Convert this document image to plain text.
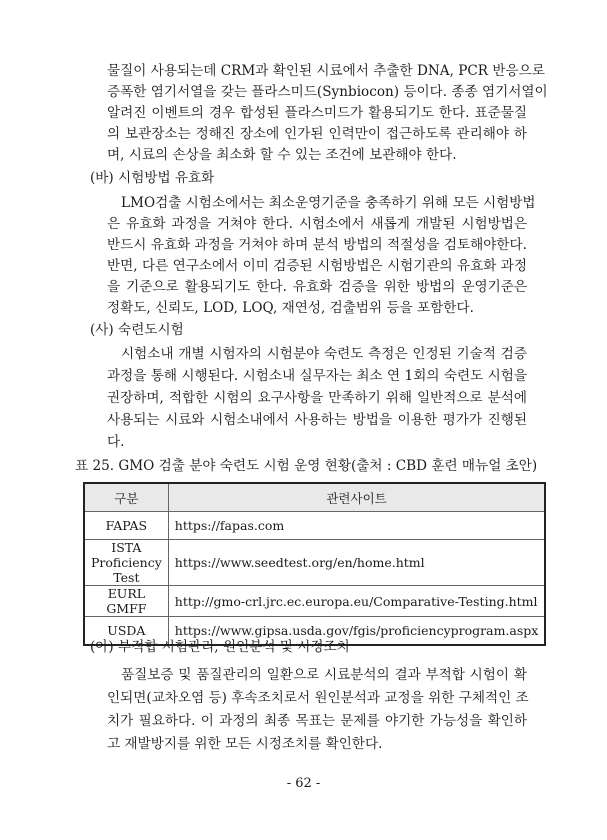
물질이 사용되는데 CRM과 확인된 시료에서 추출한 DNA, PCR 반응으로
증폭한 염기서열을 갖는 플라스미드(Synbiocon) 등이다. 종종 염기서열이
알려진 이벤트의 경우 합성된 플라스미드가 활용되기도 한다. 표준물질
의 보관장소는 정해진 장소에 인가된 인력만이 접근하도록 관리해야 하
며, 시료의 손상을 최소화 할 수 있는 조건에 보관해야 한다.
(바) 시험방법 유효화
LMO검출 시험소에서는 최소운영기준을 충족하기 위해 모든 시험방법
은 유효화 과정을 거쳐야 한다. 시험소에서 새롭게 개발된 시험방법은
반드시 유효화 과정을 거쳐야 하며 분석 방법의 적절성을 검토해야한다.
반면, 다른 연구소에서 이미 검증된 시험방법은 시험기관의 유효화 과정
을 기준으로 활용되기도 한다. 유효화 검증을 위한 방법의 운영기준은
정확도, 신뢰도, LOD, LOQ, 재연성, 검출범위 등을 포함한다.
(사) 숙련도시험
시험소내 개별 시험자의 시험분야 숙련도 측정은 인정된 기술적 검증
과정을 통해 시행된다. 시험소내 실무자는 최소 연 1회의 숙련도 시험을
권장하며, 적합한 시험의 요구사항을 만족하기 위해 일반적으로 분석에
사용되는 시료와 시험소내에서 사용하는 방법을 이용한 평가가 진행된
다.
표 25. GMO 검출 분야 숙련도 시험 운영 현황(출처 : CBD 훈련 매뉴얼 초안)
구분	관련사이트
FAPAS	https://fapas.com
ISTA Proficiency Test	https://www.seedtest.org/en/home.html
EURL GMFF	http://gmo-crl.jrc.ec.europa.eu/Comparative-Testing.html
USDA	https://www.gipsa.usda.gov/fgis/proficiencyprogram.aspx
(아) 부적합 시험관리, 원인분석 및 시정조치
품질보증 및 품질관리의 일환으로 시료분석의 결과 부적합 시험이 확
인되면(교차오염 등) 후속조치로서 원인분석과 교정을 위한 구체적인 조
치가 필요하다. 이 과정의 최종 목표는 문제를 야기한 가능성을 확인하
고 재발방지를 위한 모든 시정조치를 확인한다.
- 62 -
